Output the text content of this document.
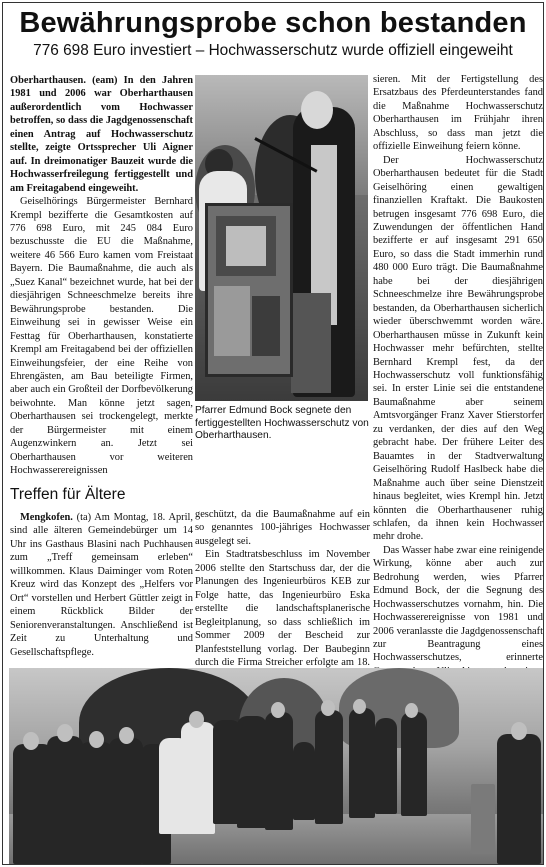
Bewährungsprobe schon bestanden
776 698 Euro investiert – Hochwasserschutz wurde offiziell eingeweiht

Oberharthausen. (eam) In den Jahren 1981 und 2006 war Oberharthausen außerordentlich vom Hochwasser betroffen, so dass die Jagdgenossenschaft einen Antrag auf Hochwasserschutz stellte, zeigte Ortssprecher Uli Aigner auf. In dreimonatiger Bauzeit wurde die Hochwasserfreilegung fertiggestellt und am Freitagabend eingeweiht.

Geiselhörings Bürgermeister Bernhard Krempl bezifferte die Gesamtkosten auf 776 698 Euro, mit 245 084 Euro bezuschusste die EU die Maßnahme, weitere 46 566 Euro kamen vom Freistaat Bayern. Die Baumaßnahme, die auch als „Suez Kanal“ bezeichnet wurde, hat bei der diesjährigen Schneeschmelze bereits ihre Bewährungsprobe bestanden. Die Einweihung sei in gewisser Weise ein Festtag für Oberharthausen, konstatierte Krempl am Freitagabend bei der offiziellen Einweihungsfeier, der eine Reihe von Ehrengästen, am Bau beteiligte Firmen, aber auch ein Großteil der Dorfbevölkerung beiwohnte. Man könne jetzt sagen, Oberharthausen sei trockengelegt, merkte der Bürgermeister mit einem Augenzwinkern an. Jetzt sei Oberharthausen vor weiteren Hochwasserereignissen

Treffen für Ältere

Mengkofen. (ta) Am Montag, 18. April, sind alle älteren Gemeindebürger um 14 Uhr ins Gasthaus Blasini nach Puchhausen zum „Treff gemeinsam erleben“ willkommen. Klaus Daiminger vom Roten Kreuz wird das Konzept des „Helfers vor Ort“ vorstellen und Herbert Güttler zeigt in einem Rückblick Bilder der Seniorenveranstaltungen. Anschließend ist Zeit zu Unterhaltung und Gesellschaftspflege.

Pfarrer Edmund Bock segnete den fertiggestellten Hochwasserschutz von Oberharthausen.

geschützt, da die Baumaßnahme auf ein so genanntes 100-jähriges Hochwasser ausgelegt sei.

Ein Stadtratsbeschluss im November 2006 stellte den Startschuss dar, der die Planungen des Ingenieurbüros KEB zur Folge hatte, das Ingenieurbüro Eska erstellte die landschaftsplanerische Begleitplanung, so dass schließlich im Sommer 2009 der Bescheid zur Planfeststellung vorlag. Der Baubeginn durch die Firma Streicher erfolgte am 18.

sieren. Mit der Fertigstellung des Ersatzbaus des Pferdeunterstandes fand die Maßnahme Hochwasserschutz Oberharthausen im Frühjahr ihren Abschluss, so dass man jetzt die offizielle Einweihung feiern könne.

Der Hochwasserschutz Oberharthausen bedeutet für die Stadt Geiselhöring einen gewaltigen finanziellen Kraftakt. Die Baukosten betrugen insgesamt 776 698 Euro, die Zuwendungen der öffentlichen Hand bezifferte er auf insgesamt 291 650 Euro, so dass die Stadt immerhin rund 480 000 Euro trägt. Die Baumaßnahme habe bei der diesjährigen Schneeschmelze ihre Bewährungsprobe bestanden, da Oberharthausen sicherlich wieder überschwemmt worden wäre. Oberharthausen müsse in Zukunft kein Hochwasser mehr befürchten, stellte Bernhard Krempl fest, da der Hochwasserschutz voll funktionsfähig sei. In erster Linie sei die entstandene Baumaßnahme aber seinem Amtsvorgänger Franz Xaver Stierstorfer zu verdanken, der dies auf den Weg gebracht habe. Der frühere Leiter des Bauamtes in der Stadtverwaltung Geiselhöring Rudolf Haslbeck habe die Maßnahme auch über seine Dienstzeit hinaus begleitet, wies Krempl hin. Jetzt könnten die Oberharthausener ruhig schlafen, da ihnen kein Hochwasser mehr drohe.

Das Wasser habe zwar eine reinigende Wirkung, könne aber auch zur Bedrohung werden, wies Pfarrer Edmund Bock, der die Segnung des Hochwasserschutzes vornahm, hin. Die Hochwasserereignisse von 1981 und 2006 veranlasste die Jagdgenossenschaft zur Beantragung eines Hochwasserschutzes, erinnerte
